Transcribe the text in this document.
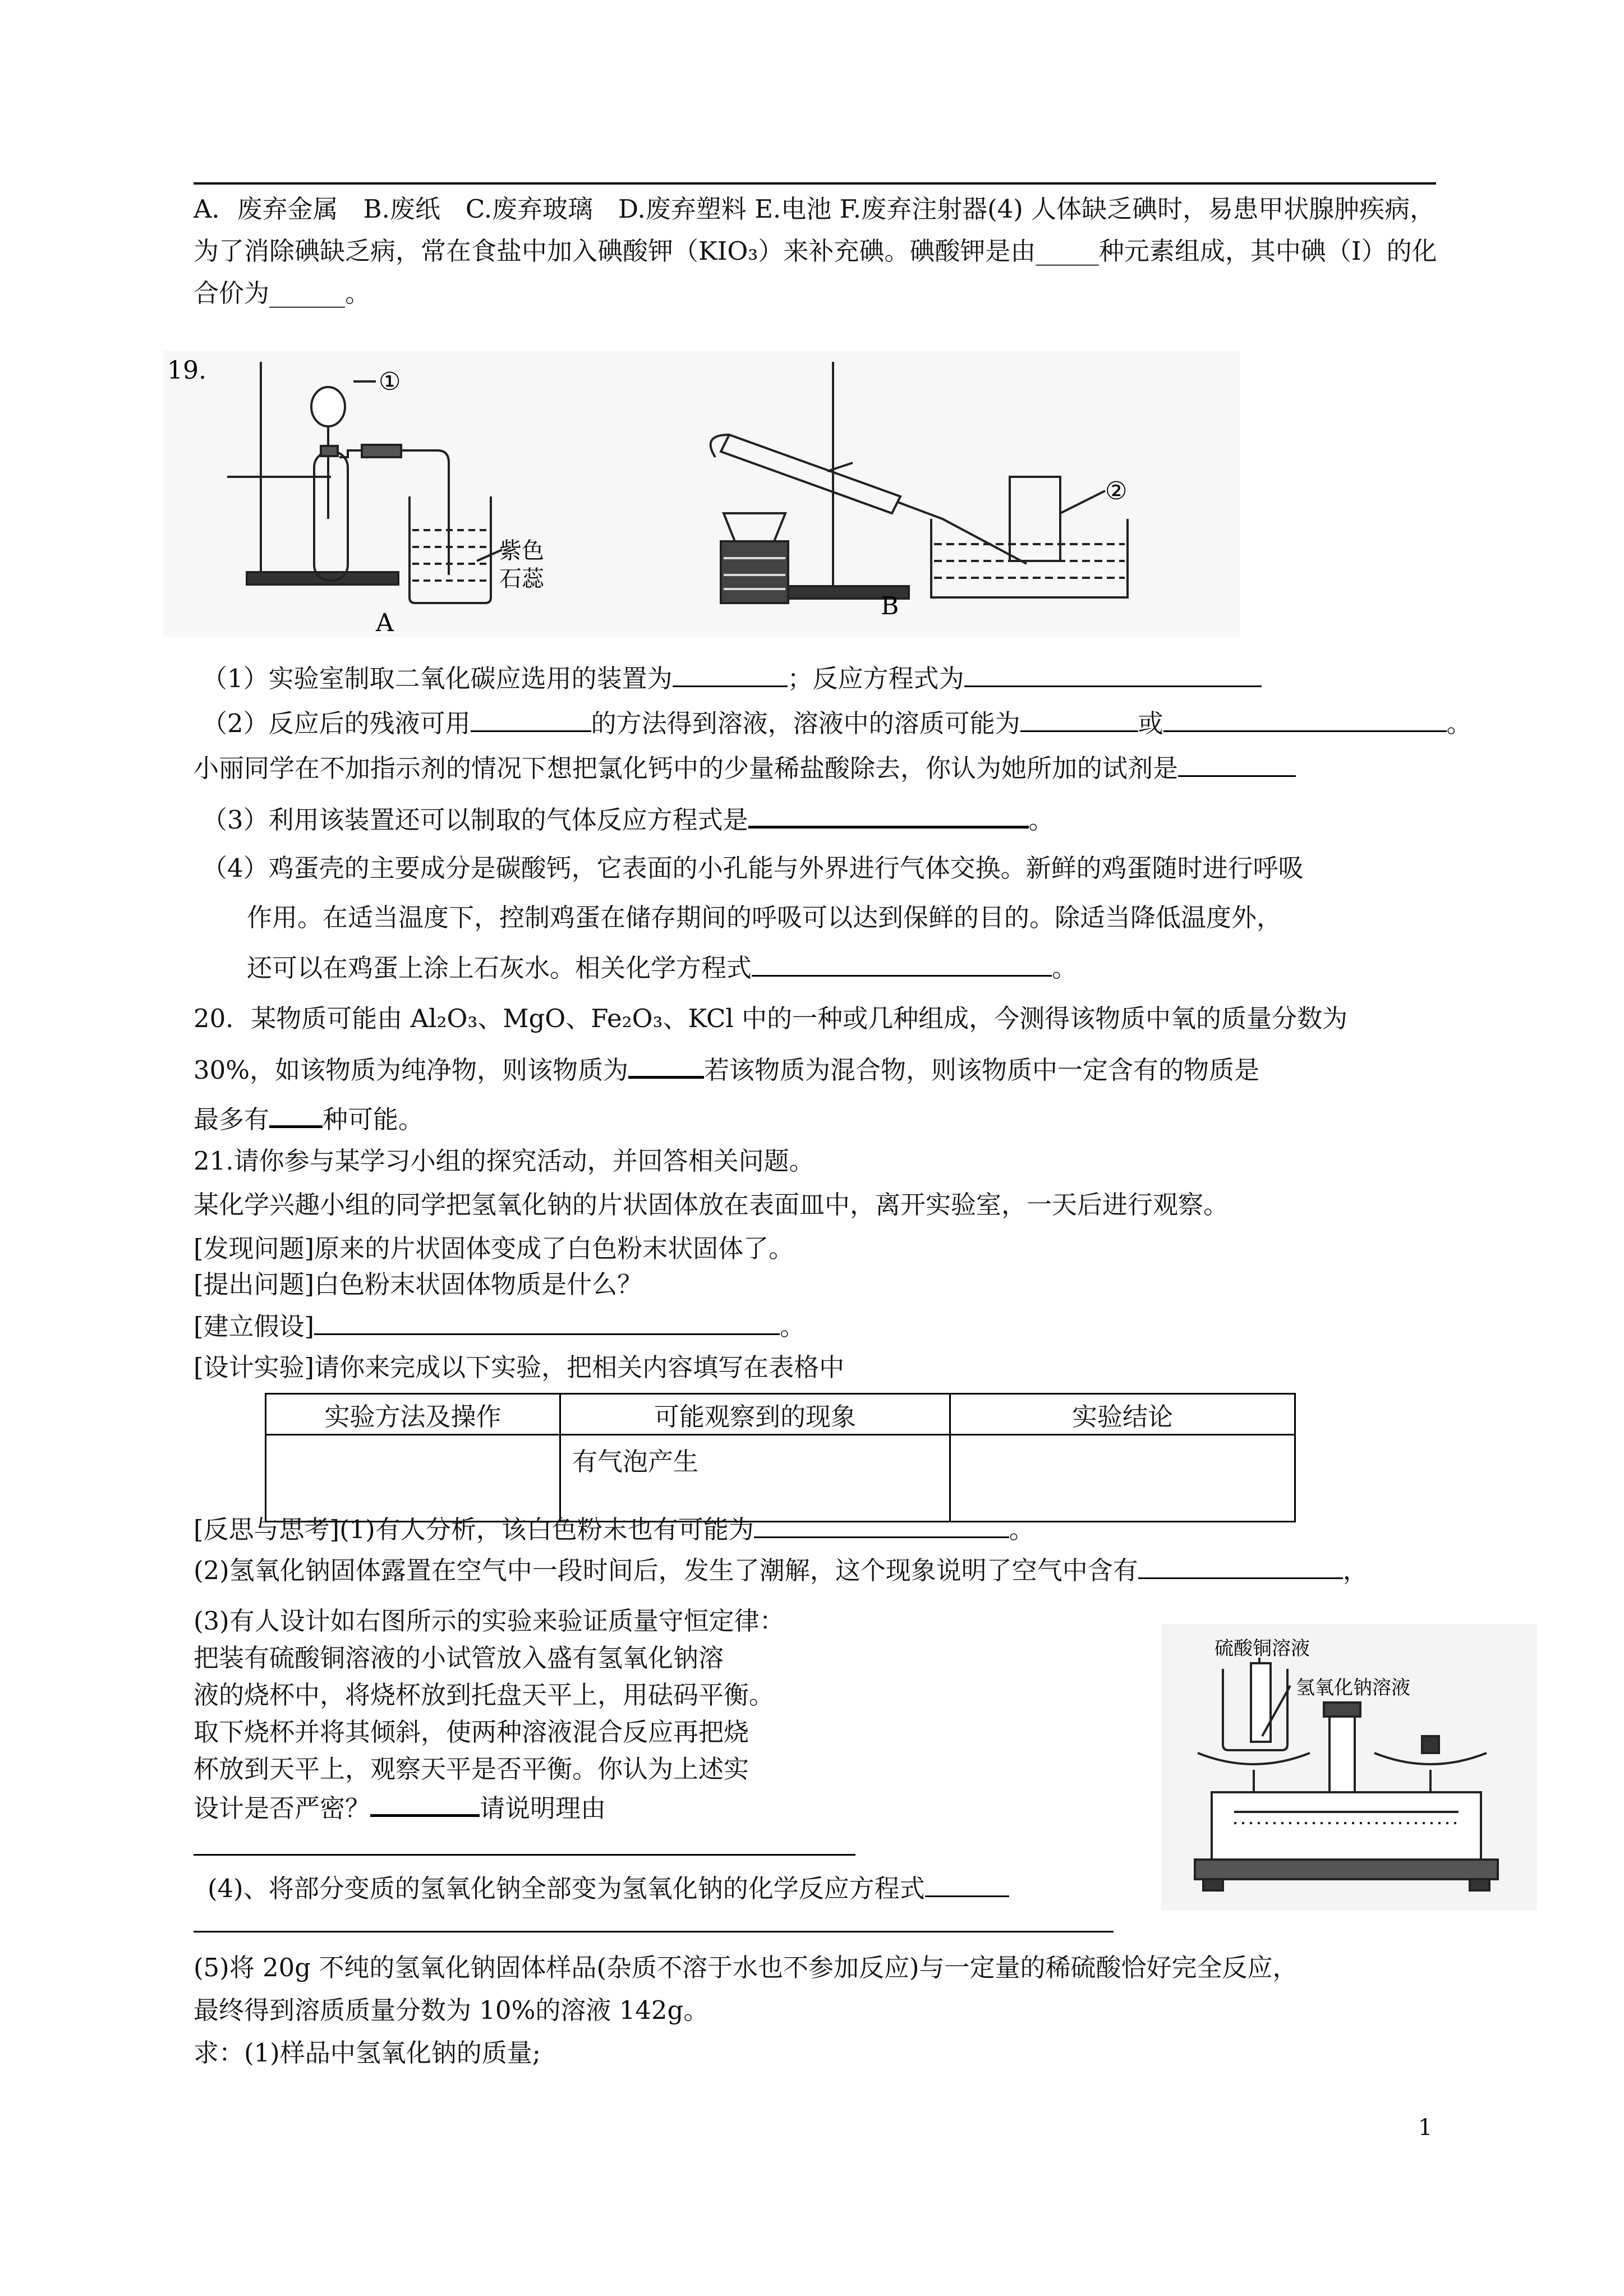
A．废弃金属　B.废纸　C.废弃玻璃　D.废弃塑料 E.电池 F.废弃注射器(4) 人体缺乏碘时，易患甲状腺肿疾病，为了消除碘缺乏病，常在食盐中加入碘酸钾（KIO₃）来补充碘。碘酸钾是由_____种元素组成，其中碘（I）的化合价为______。
19.	①
紫色
石蕊
A
②
B
（1）实验室制取二氧化碳应选用的装置为	；反应方程式为
（2）反应后的残液可用	的方法得到溶液，溶液中的溶质可能为	或	。
小丽同学在不加指示剂的情况下想把氯化钙中的少量稀盐酸除去，你认为她所加的试剂是
（3）利用该装置还可以制取的气体反应方程式是	。
（4）鸡蛋壳的主要成分是碳酸钙，它表面的小孔能与外界进行气体交换。新鲜的鸡蛋随时进行呼吸
作用。在适当温度下，控制鸡蛋在储存期间的呼吸可以达到保鲜的目的。除适当降低温度外，
还可以在鸡蛋上涂上石灰水。相关化学方程式	。
20．某物质可能由 Al₂O₃、MgO、Fe₂O₃、KCl 中的一种或几种组成，今测得该物质中氧的质量分数为
30%，如该物质为纯净物，则该物质为	若该物质为混合物，则该物质中一定含有的物质是
最多有 种可能。
21.请你参与某学习小组的探究活动，并回答相关问题。
某化学兴趣小组的同学把氢氧化钠的片状固体放在表面皿中，离开实验室，一天后进行观察。
[发现问题]原来的片状固体变成了白色粉末状固体了。
[提出问题]白色粉末状固体物质是什么？
[建立假设]	。
[设计实验]请你来完成以下实验，把相关内容填写在表格中
实验方法及操作	可能观察到的现象	实验结论
	有气泡产生	
[反思与思考](1)有人分析，该白色粉末也有可能为	。
(2)氢氧化钠固体露置在空气中一段时间后，发生了潮解，这个现象说明了空气中含有	，
(3)有人设计如右图所示的实验来验证质量守恒定律：
把装有硫酸铜溶液的小试管放入盛有氢氧化钠溶
液的烧杯中，将烧杯放到托盘天平上，用砝码平衡。
取下烧杯并将其倾斜，使两种溶液混合反应再把烧
杯放到天平上，观察天平是否平衡。你认为上述实
设计是否严密？	请说明理由
(4)、将部分变质的氢氧化钠全部变为氢氧化钠的化学反应方程式
硫酸铜溶液
氢氧化钠溶液
(5)将 20g 不纯的氢氧化钠固体样品(杂质不溶于水也不参加反应)与一定量的稀硫酸恰好完全反应，
最终得到溶质质量分数为 10%的溶液 142g。
求：(1)样品中氢氧化钠的质量;
1
